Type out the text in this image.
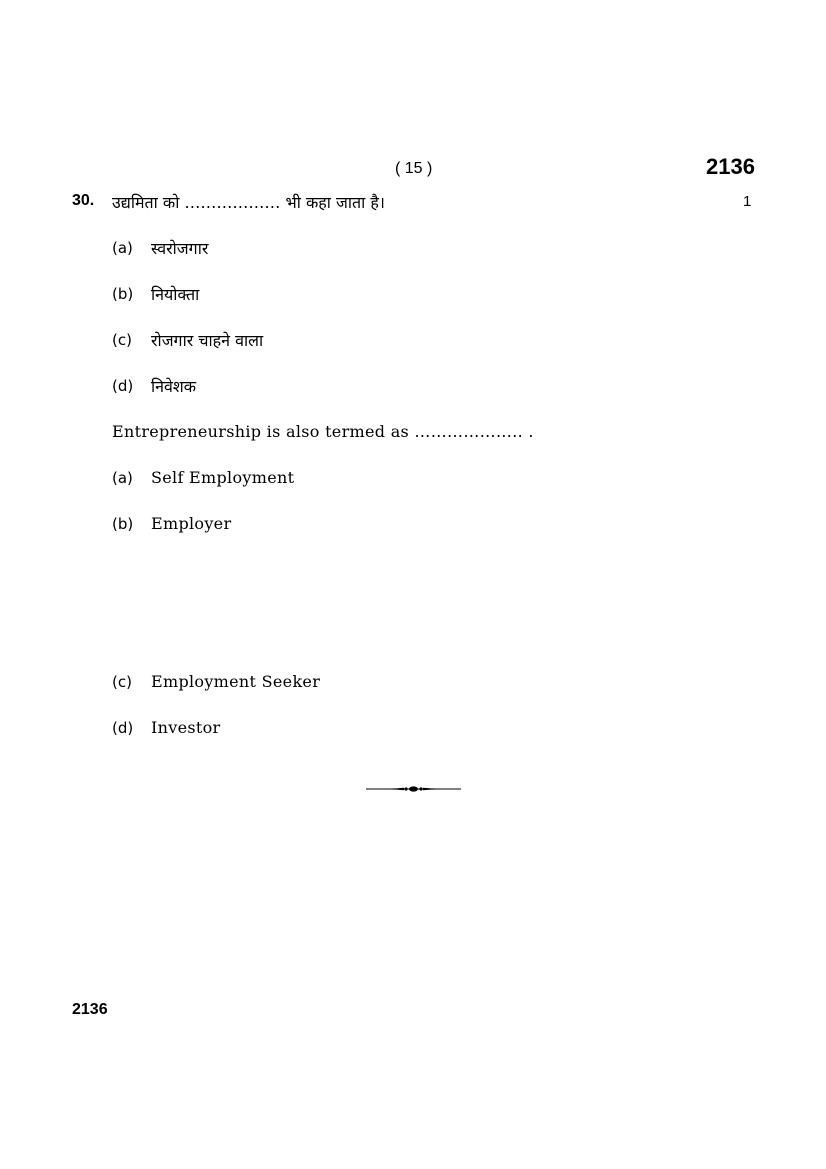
( 15 )	2136
30. उद्यमिता को ……………… भी कहा जाता है।	1
(a) स्वरोजगार
(b) नियोक्ता
(c) रोजगार चाहने वाला
(d) निवेशक
Entrepreneurship is also termed as ……………….. .
(a) Self Employment
(b) Employer
(c) Employment Seeker
(d) Investor
2136
